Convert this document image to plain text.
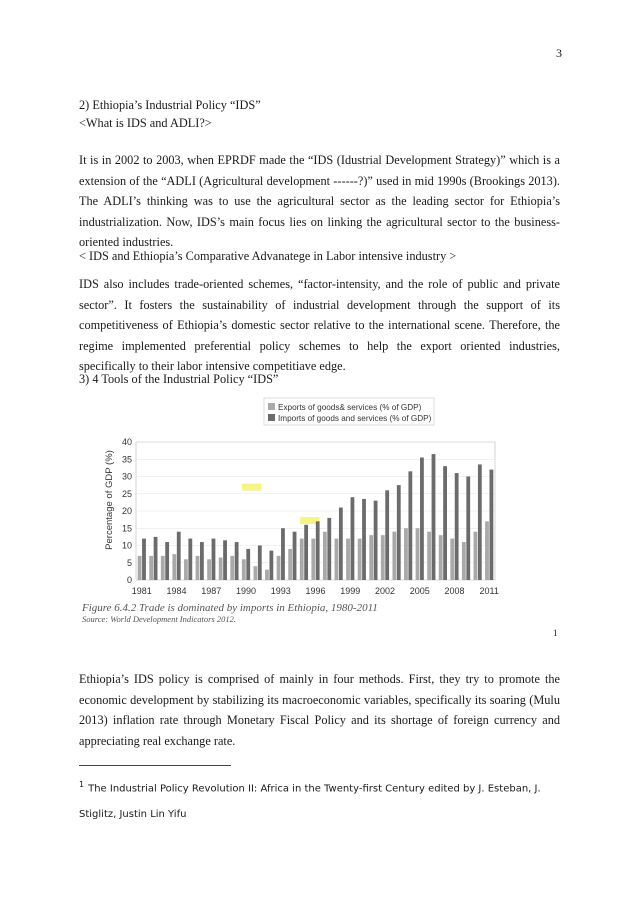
3

2) Ethiopia’s Industrial Policy “IDS”

<What is IDS and ADLI?>

It is in 2002 to 2003, when EPRDF made the “IDS (Idustrial Development Strategy)” which is a extension of the “ADLI (Agricultural development ------?)” used in mid 1990s (Brookings 2013). The ADLI’s thinking was to use the agricultural sector as the leading sector for Ethiopia’s industrialization. Now, IDS’s main focus lies on linking the agricultural sector to the business-oriented industries.

< IDS and Ethiopia’s Comparative Advanatege in Labor intensive industry >

IDS also includes trade-oriented schemes, “factor-intensity, and the role of public and private sector”. It fosters the sustainability of industrial development through the support of its competitiveness of Ethiopia’s domestic sector relative to the international scene. Therefore, the regime implemented preferential policy schemes to help the export oriented industries, specifically to their labor intensive competitiave edge.

3) 4 Tools of the Industrial Policy “IDS”

Exports of goods& services (% of GDP)
Imports of goods and services (% of GDP)
0
5
10
15
20
25
30
35
40
1981 1984 1987 1990 1993 1996 1999 2002 2005 2008 2011
Percentage of GDP (%)
Figure 6.4.2 Trade is dominated by imports in Ethiopia, 1980-2011
Source: World Development Indicators 2012.
1

Ethiopia’s IDS policy is comprised of mainly in four methods. First, they try to promote the economic development by stabilizing its macroeconomic variables, specifically its soaring (Mulu 2013) inflation rate through Monetary Fiscal Policy and its shortage of foreign currency and appreciating real exchange rate.

$^1$ The Industrial Policy Revolution II: Africa in the Twenty-first Century edited by J. Esteban, J. Stiglitz, Justin Lin Yifu
